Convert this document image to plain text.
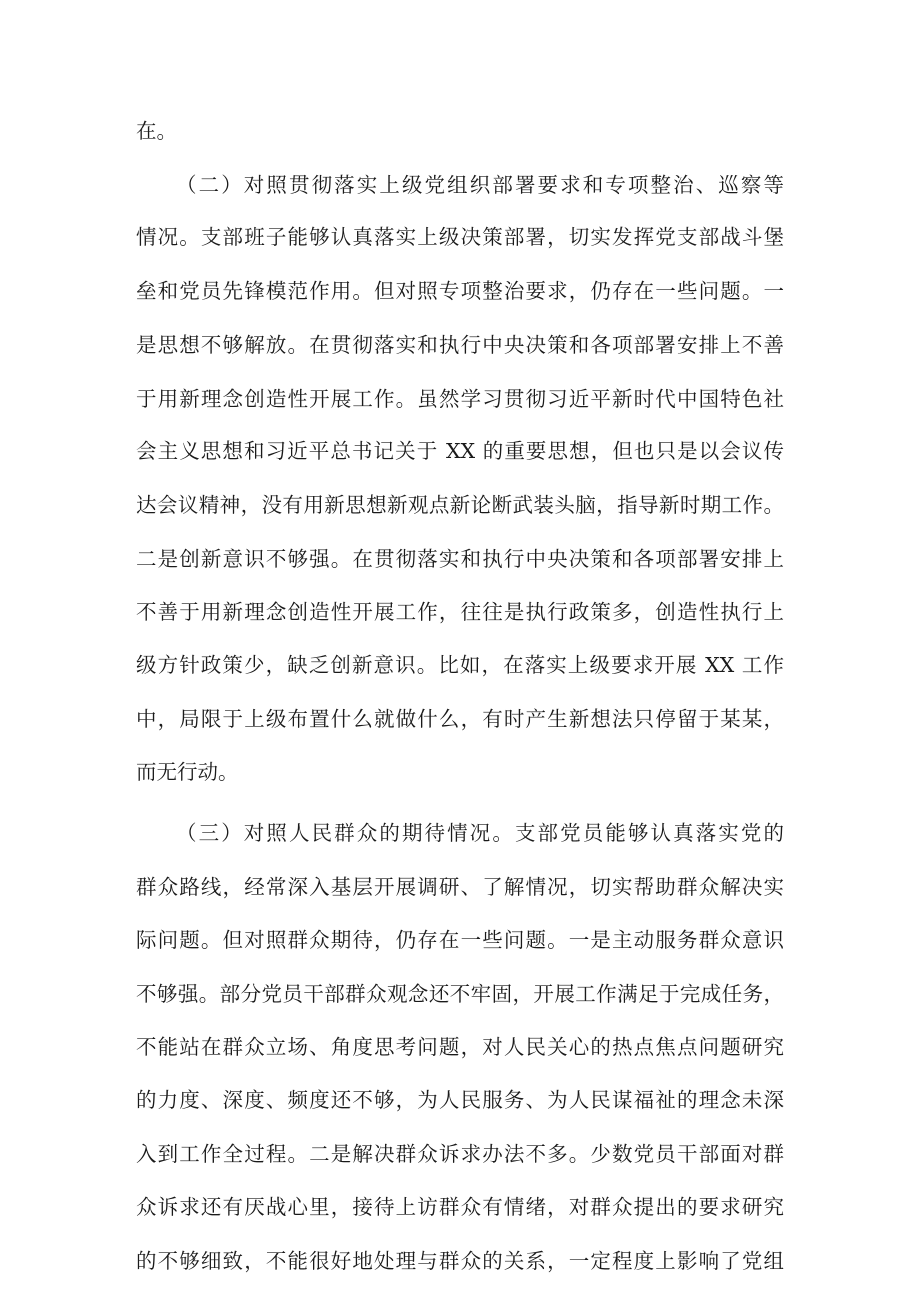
在。
（二）对照贯彻落实上级党组织部署要求和专项整治、巡察等
情况。支部班子能够认真落实上级决策部署，切实发挥党支部战斗堡
垒和党员先锋模范作用。但对照专项整治要求，仍存在一些问题。一
是思想不够解放。在贯彻落实和执行中央决策和各项部署安排上不善
于用新理念创造性开展工作。虽然学习贯彻习近平新时代中国特色社
会主义思想和习近平总书记关于 XX 的重要思想，但也只是以会议传
达会议精神，没有用新思想新观点新论断武装头脑，指导新时期工作。
二是创新意识不够强。在贯彻落实和执行中央决策和各项部署安排上
不善于用新理念创造性开展工作，往往是执行政策多，创造性执行上
级方针政策少，缺乏创新意识。比如，在落实上级要求开展 XX 工作
中，局限于上级布置什么就做什么，有时产生新想法只停留于某某，
而无行动。
（三）对照人民群众的期待情况。支部党员能够认真落实党的
群众路线，经常深入基层开展调研、了解情况，切实帮助群众解决实
际问题。但对照群众期待，仍存在一些问题。一是主动服务群众意识
不够强。部分党员干部群众观念还不牢固，开展工作满足于完成任务，
不能站在群众立场、角度思考问题，对人民关心的热点焦点问题研究
的力度、深度、频度还不够，为人民服务、为人民谋福祉的理念未深
入到工作全过程。二是解决群众诉求办法不多。少数党员干部面对群
众诉求还有厌战心里，接待上访群众有情绪，对群众提出的要求研究
的不够细致，不能很好地处理与群众的关系，一定程度上影响了党组
